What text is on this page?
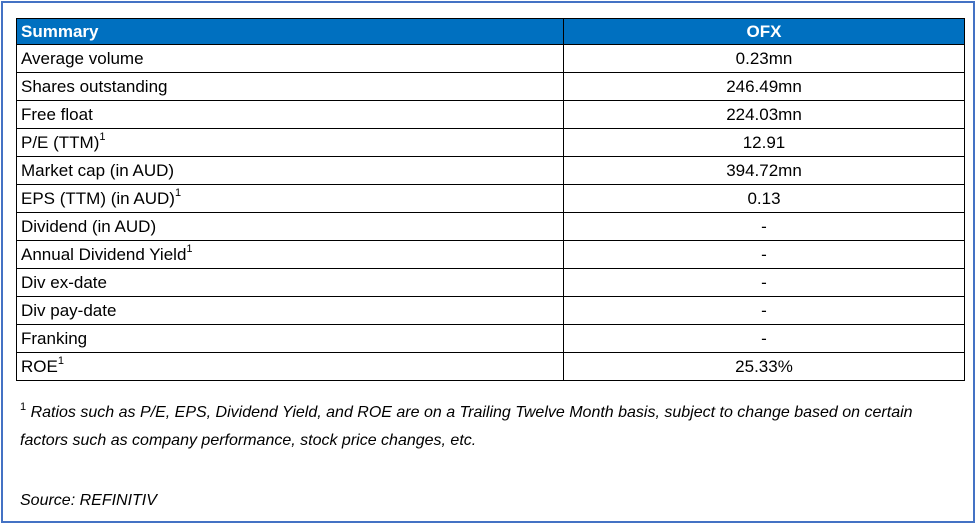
Summary	OFX
Average volume	0.23mn
Shares outstanding	246.49mn
Free float	224.03mn
P/E (TTM)$^1$	12.91
Market cap (in AUD)	394.72mn
EPS (TTM) (in AUD)$^1$	0.13
Dividend (in AUD)	-
Annual Dividend Yield$^1$	-
Div ex-date	-
Div pay-date	-
Franking	-
ROE$^1$	25.33%
$^1$ Ratios such as P/E, EPS, Dividend Yield, and ROE are on a Trailing Twelve Month basis, subject to change based on certain factors such as company performance, stock price changes, etc.
Source: REFINITIV
